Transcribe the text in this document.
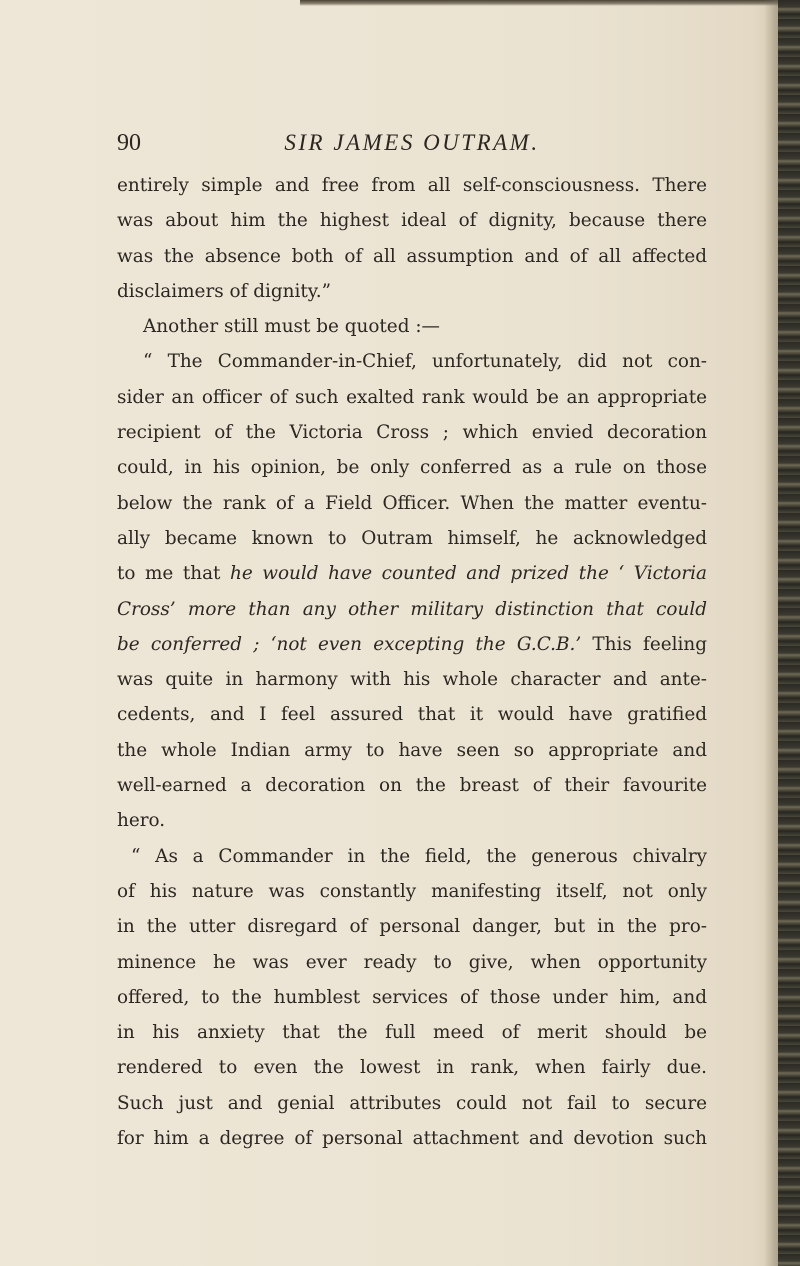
90	SIR JAMES OUTRAM.
entirely simple and free from all self-consciousness. There
was about him the highest ideal of dignity, because there
was the absence both of all assumption and of all affected
disclaimers of dignity.”
Another still must be quoted :—
“ The Commander-in-Chief, unfortunately, did not con-
sider an officer of such exalted rank would be an appropriate
recipient of the Victoria Cross ; which envied decoration
could, in his opinion, be only conferred as a rule on those
below the rank of a Field Officer. When the matter eventu-
ally became known to Outram himself, he acknowledged
to me that he would have counted and prized the ‘ Victoria
Cross’ more than any other military distinction that could
be conferred ; ‘not even excepting the G.C.B.’ This feeling
was quite in harmony with his whole character and ante-
cedents, and I feel assured that it would have gratified
the whole Indian army to have seen so appropriate and
well-earned a decoration on the breast of their favourite
hero.
“ As a Commander in the field, the generous chivalry
of his nature was constantly manifesting itself, not only
in the utter disregard of personal danger, but in the pro-
minence he was ever ready to give, when opportunity
offered, to the humblest services of those under him, and
in his anxiety that the full meed of merit should be
rendered to even the lowest in rank, when fairly due.
Such just and genial attributes could not fail to secure
for him a degree of personal attachment and devotion such
